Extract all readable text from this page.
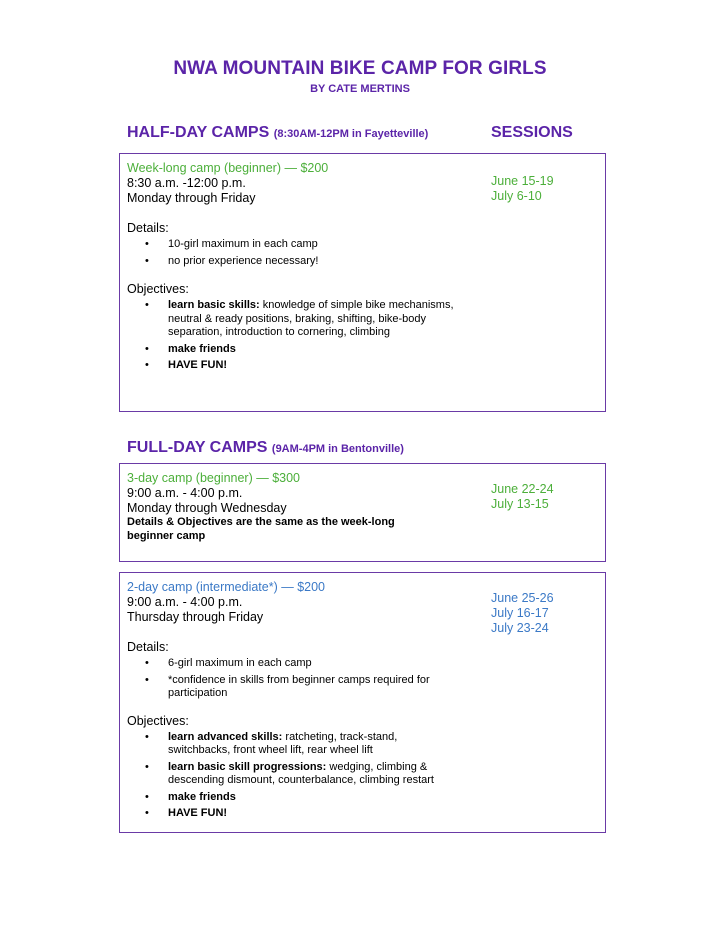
NWA MOUNTAIN BIKE CAMP FOR GIRLS
BY CATE MERTINS
HALF-DAY CAMPS (8:30AM-12PM in Fayetteville)	SESSIONS
Week-long camp (beginner) — $200
8:30 a.m. -12:00 p.m.
Monday through Friday
Details:
• 10-girl maximum in each camp
• no prior experience necessary!
Objectives:
• learn basic skills: knowledge of simple bike mechanisms, neutral & ready positions, braking, shifting, bike-body separation, introduction to cornering, climbing
• make friends
• HAVE FUN!
June 15-19
July 6-10
FULL-DAY CAMPS (9AM-4PM in Bentonville)
3-day camp (beginner) — $300
9:00 a.m. - 4:00 p.m.
Monday through Wednesday
Details & Objectives are the same as the week-long beginner camp
June 22-24
July 13-15
2-day camp (intermediate*) — $200
9:00 a.m. - 4:00 p.m.
Thursday through Friday
Details:
• 6-girl maximum in each camp
• *confidence in skills from beginner camps required for participation
Objectives:
• learn advanced skills: ratcheting, track-stand, switchbacks, front wheel lift, rear wheel lift
• learn basic skill progressions: wedging, climbing & descending dismount, counterbalance, climbing restart
• make friends
• HAVE FUN!
June 25-26
July 16-17
July 23-24
